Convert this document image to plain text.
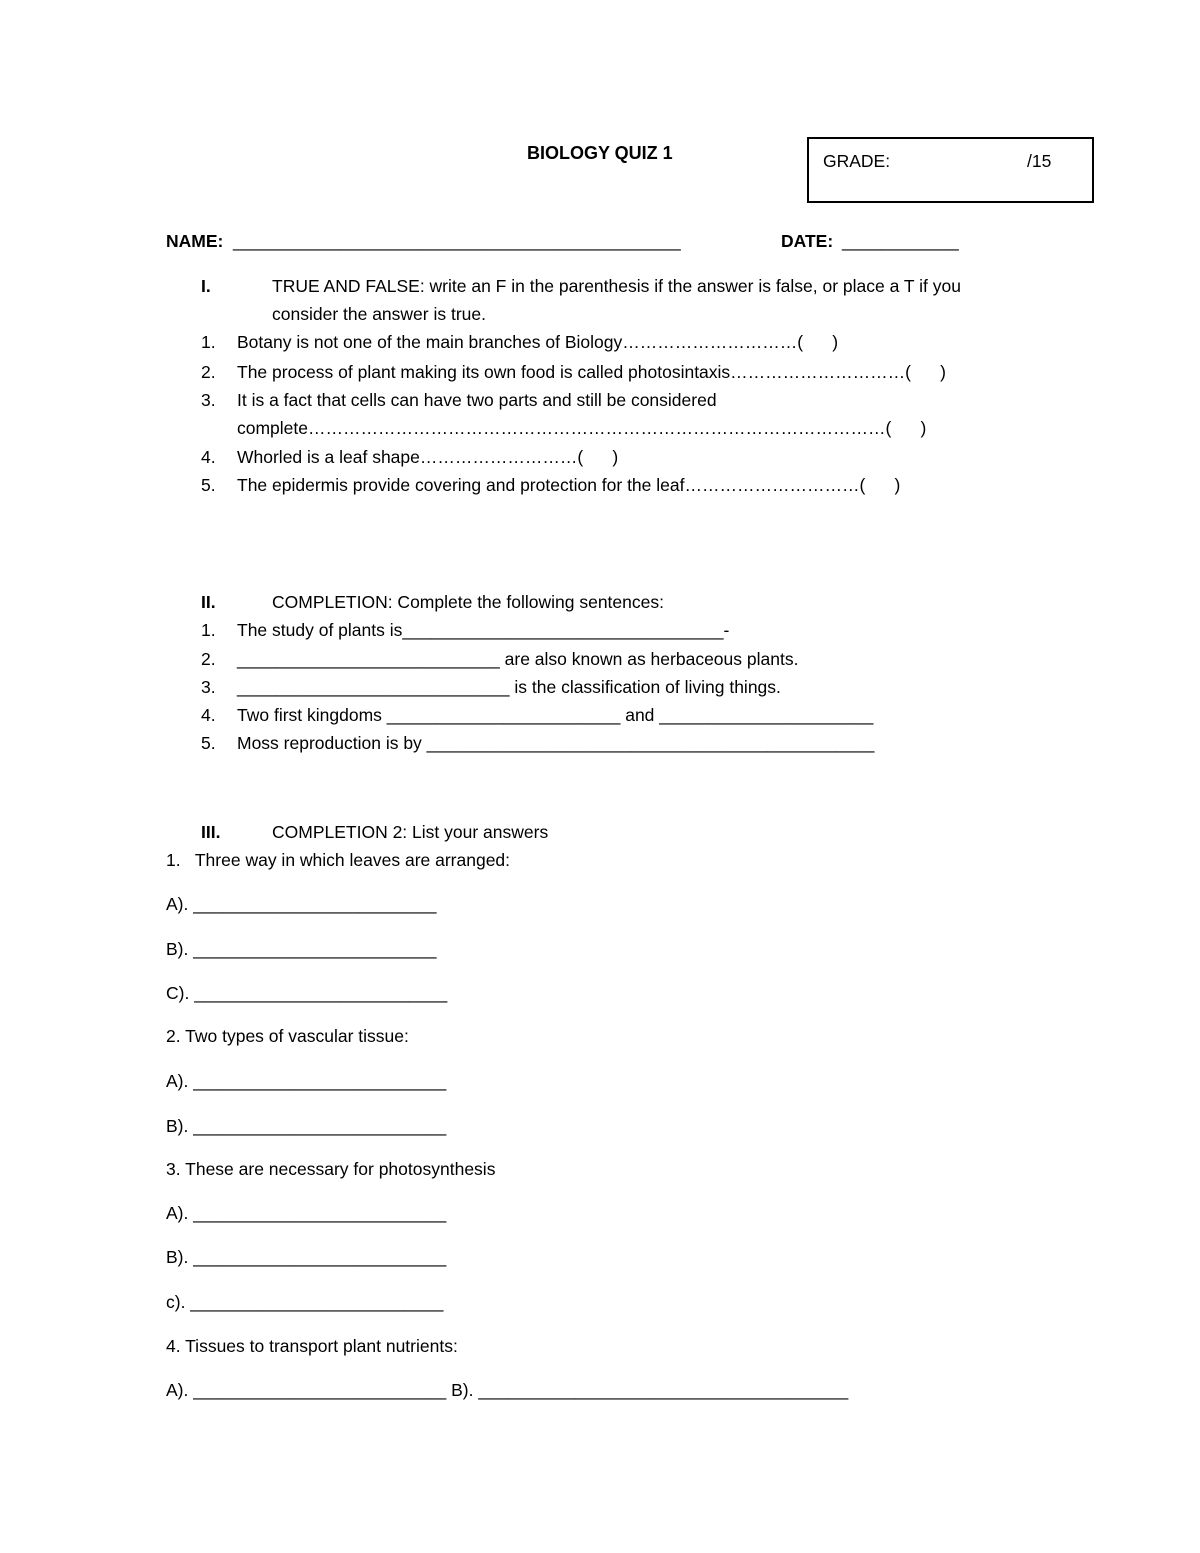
BIOLOGY QUIZ 1	GRADE:	/15
NAME: ______________________________________________	DATE: ____________
I.	TRUE AND FALSE: write an F in the parenthesis if the answer is false, or place a T if you
consider the answer is true.
1. Botany is not one of the main branches of Biology…………………………(      )
2. The process of plant making its own food is called photosintaxis…………………………(      )
3. It is a fact that cells can have two parts and still be considered
complete………………………………………………………………………………………(      )
4. Whorled is a leaf shape………………………(      )
5. The epidermis provide covering and protection for the leaf…………………………(      )
II.	COMPLETION: Complete the following sentences:
1. The study of plants is_________________________________-
2. ___________________________ are also known as herbaceous plants.
3. ____________________________ is the classification of living things.
4. Two first kingdoms ________________________ and ______________________
5. Moss reproduction is by ______________________________________________
III.	COMPLETION 2: List your answers
1.   Three way in which leaves are arranged:
A). _________________________
B). _________________________
C). __________________________
2. Two types of vascular tissue:
A). __________________________
B). __________________________
3. These are necessary for photosynthesis
A). __________________________
B). __________________________
c). __________________________
4. Tissues to transport plant nutrients:
A). __________________________ B). ______________________________________
